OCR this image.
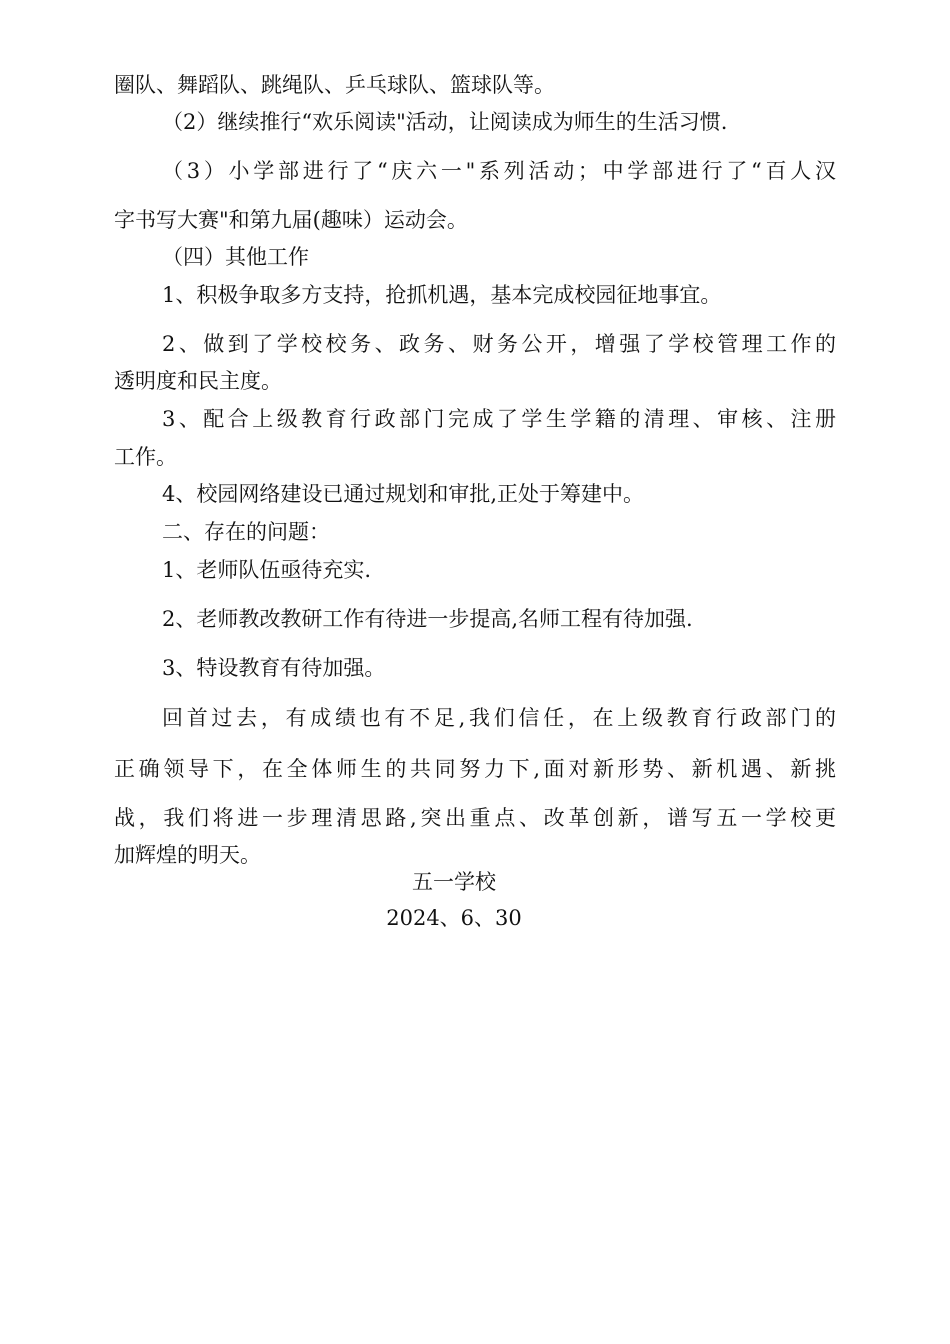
圈队、舞蹈队、跳绳队、乒乓球队、篮球队等。
（2）继续推行“欢乐阅读"活动，让阅读成为师生的生活习惯.
（3）小学部进行了“庆六一"系列活动；中学部进行了“百人汉
字书写大赛"和第九届(趣味）运动会。
（四）其他工作
1、积极争取多方支持，抢抓机遇，基本完成校园征地事宜。
2、做到了学校校务、政务、财务公开，增强了学校管理工作的
透明度和民主度。
3、配合上级教育行政部门完成了学生学籍的清理、审核、注册
工作。
4、校园网络建设已通过规划和审批,正处于筹建中。
二、存在的问题：
1、老师队伍亟待充实.
2、老师教改教研工作有待进一步提高,名师工程有待加强.
3、特设教育有待加强。
回首过去，有成绩也有不足,我们信任，在上级教育行政部门的
正确领导下，在全体师生的共同努力下,面对新形势、新机遇、新挑
战，我们将进一步理清思路,突出重点、改革创新，谱写五一学校更
加辉煌的明天。
五一学校
2024、6、30
